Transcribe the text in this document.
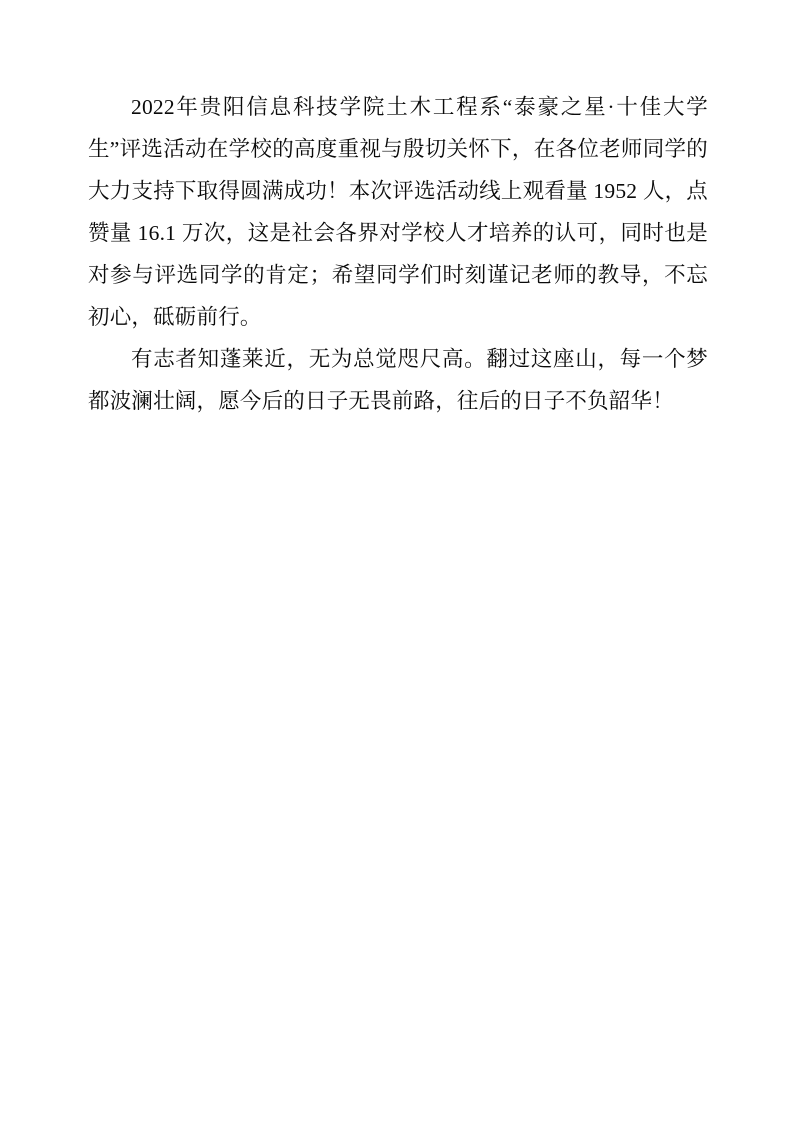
2022年贵阳信息科技学院土木工程系“泰豪之星·十佳大学生”评选活动在学校的高度重视与殷切关怀下，在各位老师同学的大力支持下取得圆满成功！本次评选活动线上观看量 1952 人，点赞量 16.1 万次，这是社会各界对学校人才培养的认可，同时也是对参与评选同学的肯定；希望同学们时刻谨记老师的教导，不忘初心，砥砺前行。

有志者知蓬莱近，无为总觉咫尺高。翻过这座山，每一个梦都波澜壮阔，愿今后的日子无畏前路，往后的日子不负韶华！
